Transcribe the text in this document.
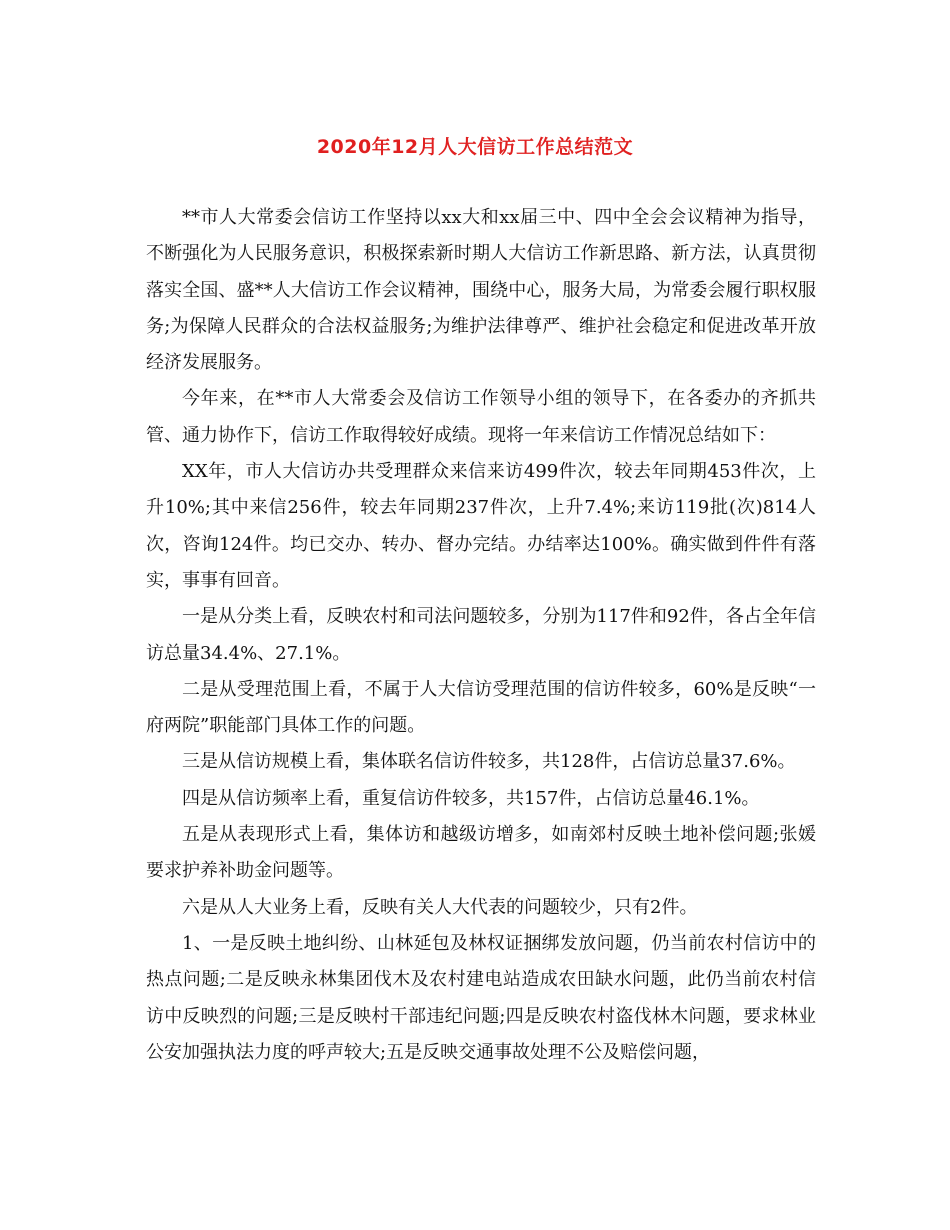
2020年12月人大信访工作总结范文

**市人大常委会信访工作坚持以xx大和xx届三中、四中全会会议精神为指导，不断强化为人民服务意识，积极探索新时期人大信访工作新思路、新方法，认真贯彻落实全国、盛**人大信访工作会议精神，围绕中心，服务大局，为常委会履行职权服务;为保障人民群众的合法权益服务;为维护法律尊严、维护社会稳定和促进改革开放经济发展服务。

今年来，在**市人大常委会及信访工作领导小组的领导下，在各委办的齐抓共管、通力协作下，信访工作取得较好成绩。现将一年来信访工作情况总结如下：

XX年，市人大信访办共受理群众来信来访499件次，较去年同期453件次，上升10%;其中来信256件，较去年同期237件次，上升7.4%;来访119批(次)814人次，咨询124件。均已交办、转办、督办完结。办结率达100%。确实做到件件有落实，事事有回音。

一是从分类上看，反映农村和司法问题较多，分别为117件和92件，各占全年信访总量34.4%、27.1%。

二是从受理范围上看，不属于人大信访受理范围的信访件较多，60%是反映“一府两院”职能部门具体工作的问题。

三是从信访规模上看，集体联名信访件较多，共128件，占信访总量37.6%。

四是从信访频率上看，重复信访件较多，共157件，占信访总量46.1%。

五是从表现形式上看，集体访和越级访增多，如南郊村反映土地补偿问题;张媛要求护养补助金问题等。

六是从人大业务上看，反映有关人大代表的问题较少，只有2件。

1、一是反映土地纠纷、山林延包及林权证捆绑发放问题，仍当前农村信访中的热点问题;二是反映永林集团伐木及农村建电站造成农田缺水问题，此仍当前农村信访中反映烈的问题;三是反映村干部违纪问题;四是反映农村盗伐林木问题，要求林业公安加强执法力度的呼声较大;五是反映交通事故处理不公及赔偿问题，
